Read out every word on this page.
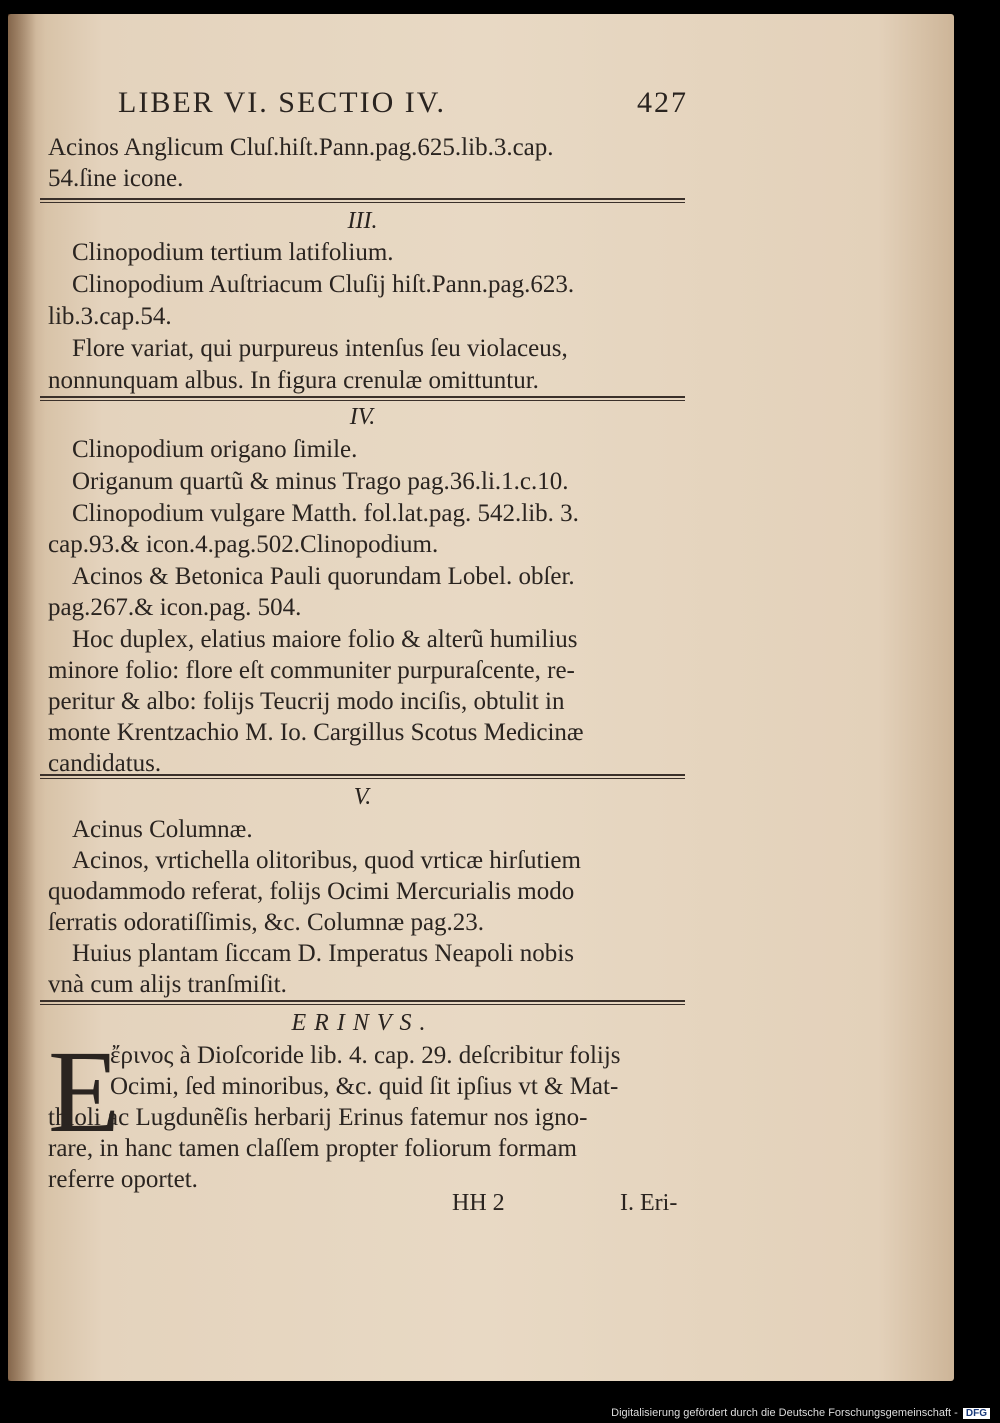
LIBER VI. SECTIO IV.	427
Acinos Anglicum Cluſ.hiſt.Pann.pag.625.lib.3.cap.
54.ſine icone.
III.
Clinopodium tertium latifolium.
Clinopodium Auſtriacum Cluſij hiſt.Pann.pag.623.
lib.3.cap.54.
Flore variat, qui purpureus intenſus ſeu violaceus,
nonnunquam albus. In figura crenulæ omittuntur.
IV.
Clinopodium origano ſimile.
Origanum quartũ & minus Trago pag.36.li.1.c.10.
Clinopodium vulgare Matth. fol.lat.pag. 542.lib. 3.
cap.93.& icon.4.pag.502.Clinopodium.
Acinos & Betonica Pauli quorundam Lobel. obſer.
pag.267.& icon.pag. 504.
Hoc duplex, elatius maiore folio & alterũ humilius
minore folio: flore eſt communiter purpuraſcente, re-
peritur & albo: folijs Teucrij modo inciſis, obtulit in
monte Krentzachio M. Io. Cargillus Scotus Medicinæ
candidatus.
V.
Acinus Columnæ.
Acinos, vrtichella olitoribus, quod vrticæ hirſutiem
quodammodo referat, folijs Ocimi Mercurialis modo
ſerratis odoratiſſimis, &c. Columnæ pag.23.
Huius plantam ſiccam D. Imperatus Neapoli nobis
vnà cum alijs tranſmiſit.
ERINVS.
E
ἔρινος à Dioſcoride lib. 4. cap. 29. deſcribitur folijs
Ocimi, ſed minoribus, &c. quid ſit ipſius vt & Mat-
thioli ac Lugdunẽſis herbarij Erinus fatemur nos igno-
rare, in hanc tamen claſſem propter foliorum formam
referre oportet.
HH 2	I. Eri-
Digitalisierung gefördert durch die Deutsche Forschungsgemeinschaft - DFG
